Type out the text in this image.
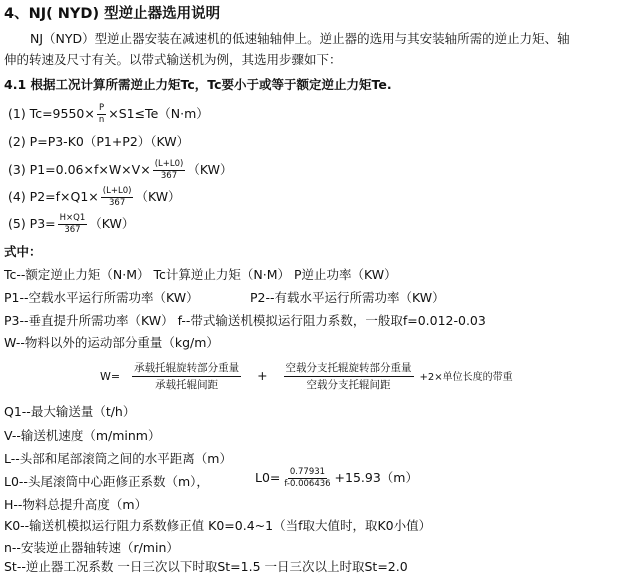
4、NJ( NYD) 型逆止器选用说明
NJ（NYD）型逆止器安装在减速机的低速轴轴伸上。逆止器的选用与其安装轴所需的逆止力矩、轴
伸的转速及尺寸有关。以带式输送机为例，其选用步骤如下：
4.1 根据工况计算所需逆止力矩Tc，Tc要小于或等于额定逆止力矩Te.
(1) $Tc=9550\times \frac{P}{n} \times S1\le Te(N\cdot m)$
(2) P=P3-K0（P1+P2）（KW）
(3) $P1=0.06\times f\times W\times V\times \frac{(L+L0)}{367} (KW)$
(4) $P2=f\times Q1\times \frac{(L+L0)}{367} (KW)$
(5) $P3= \frac{H\times Q1}{367} (KW)$
式中：
Tc--额定逆止力矩（N·M） Tc计算逆止力矩（N·M） P逆止功率（KW）
P1--空载水平运行所需功率（KW）	P2--有载水平运行所需功率（KW）
P3--垂直提升所需功率（KW） f--带式输送机模拟运行阻力系数，一般取f=0.012-0.03
W--物料以外的运动部分重量（kg/m）
$W= \frac{\text{承载托辊旋转部分重量}}{\text{承载托辊间距}} + \frac{\text{空载分支托辊旋转部分重量}}{\text{空载分支托辊间距}} +2\times$单位长度的带重
Q1--最大输送量（t/h）
V--输送机速度（m/minm）
L--头部和尾部滚筒之间的水平距离（m）
L0--头尾滚筒中心距修正系数（m），	$L0= \frac{0.77931}{f-0.006436} +15.93(m)$
H--物料总提升高度（m）
K0--输送机模拟运行阻力系数修正值 K0=0.4~1（当f取大值时，取K0小值）
n--安装逆止器轴转速（r/min）
St--逆止器工况系数 一日三次以下时取St=1.5 一日三次以上时取St=2.0
